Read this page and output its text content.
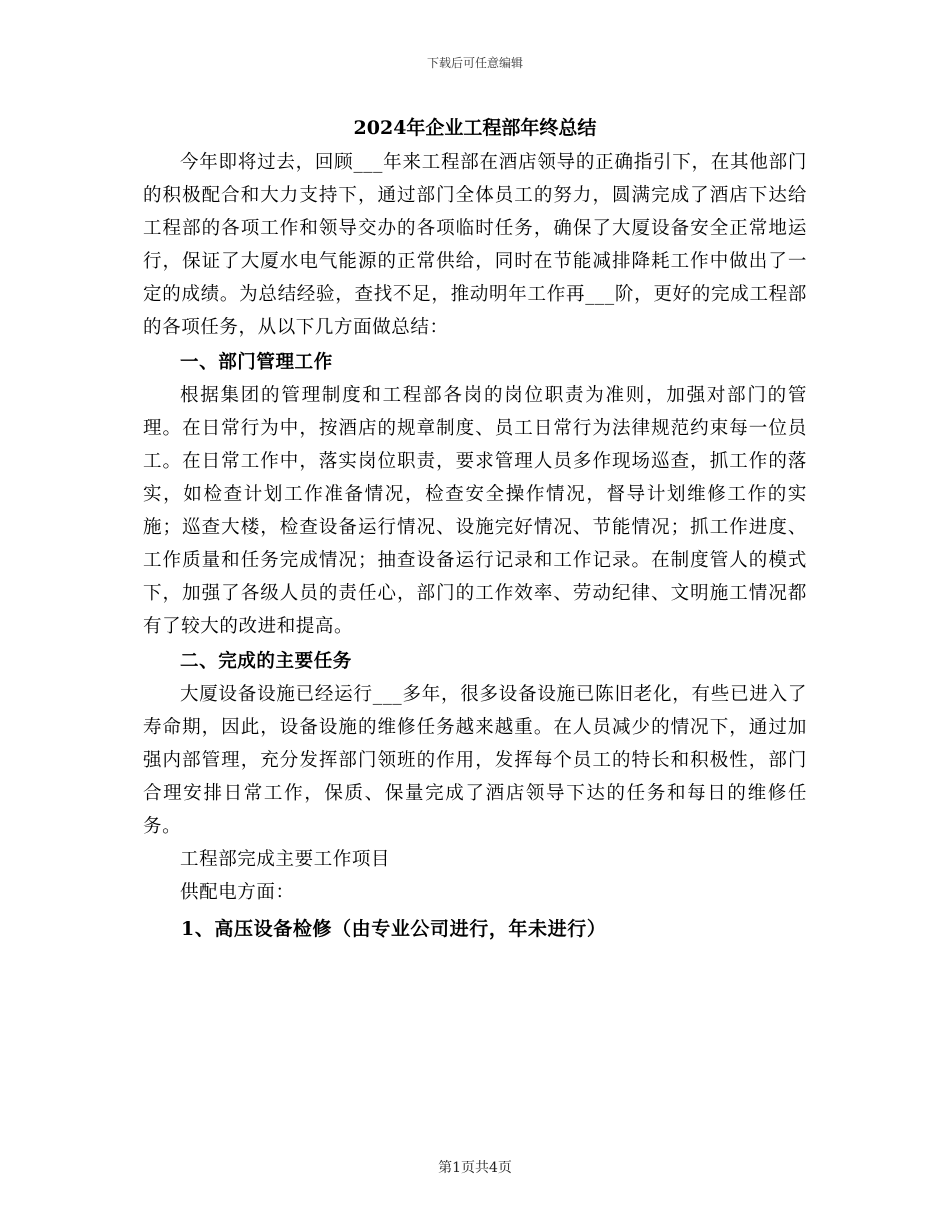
下载后可任意编辑
2024年企业工程部年终总结

今年即将过去，回顾___年来工程部在酒店领导的正确指引下，在其他部门的积极配合和大力支持下，通过部门全体员工的努力，圆满完成了酒店下达给工程部的各项工作和领导交办的各项临时任务，确保了大厦设备安全正常地运行，保证了大厦水电气能源的正常供给，同时在节能减排降耗工作中做出了一定的成绩。为总结经验，查找不足，推动明年工作再___阶，更好的完成工程部的各项任务，从以下几方面做总结：

一、部门管理工作

根据集团的管理制度和工程部各岗的岗位职责为准则，加强对部门的管理。在日常行为中，按酒店的规章制度、员工日常行为法律规范约束每一位员工。在日常工作中，落实岗位职责，要求管理人员多作现场巡查，抓工作的落实，如检查计划工作准备情况，检查安全操作情况，督导计划维修工作的实施；巡查大楼，检查设备运行情况、设施完好情况、节能情况；抓工作进度、工作质量和任务完成情况；抽查设备运行记录和工作记录。在制度管人的模式下，加强了各级人员的责任心，部门的工作效率、劳动纪律、文明施工情况都有了较大的改进和提高。

二、完成的主要任务

大厦设备设施已经运行___多年，很多设备设施已陈旧老化，有些已进入了寿命期，因此，设备设施的维修任务越来越重。在人员减少的情况下，通过加强内部管理，充分发挥部门领班的作用，发挥每个员工的特长和积极性，部门合理安排日常工作，保质、保量完成了酒店领导下达的任务和每日的维修任务。

工程部完成主要工作项目

供配电方面：

1、高压设备检修（由专业公司进行，年未进行）

第1页共4页
